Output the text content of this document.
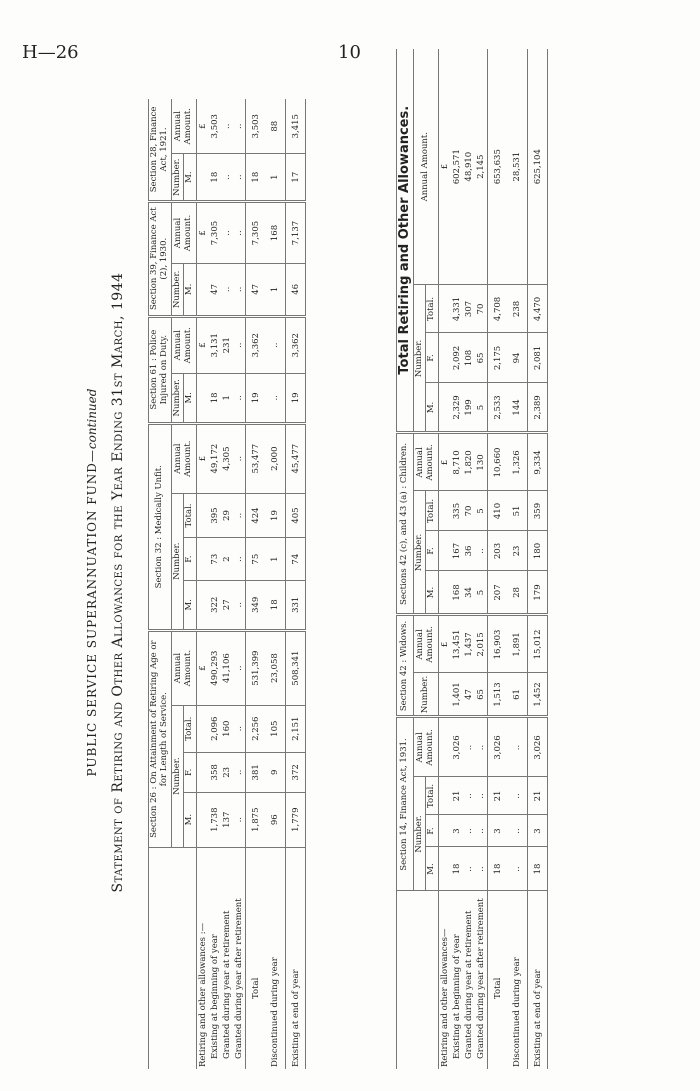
H—26	10
PUBLIC SERVICE SUPERANNUATION FUND—continued Statement of Retiring and Other Allowances for the Year Ending 31st March, 1944
		Section 26 : On Attainment of Retiring Age or for Length of Service.				Section 32 : Medically Unfit.				Section 61 : Police Injured on Duty.		Section 39, Finance Act (2), 1930.		Section 28, Finance Act, 1921.	
	Number.			Annual Amount.	Number.			Annual Amount.	Number.	Annual Amount.	Number.	Annual Amount.	Number.	Annual Amount.
	M.	F.	Total.		M.	F.	Total.		M.		M.		M.	
Retiring and other allowances :—				£				£		£		£		£
Existing at beginning of year	1,738	358	2,096	490,293	322	73	395	49,172	18	3,131	47	7,305	18	3,503
Granted during year at retirement	137	23	160	41,106	27	2	29	4,305	1	231	..	..	..	..
Granted during year after retirement	..	..	..	..	..	..	..	..	..	..	..	..	..	..
Total	1,875	381	2,256	531,399	349	75	424	53,477	19	3,362	47	7,305	18	3,503
Discontinued during year	96	9	105	23,058	18	1	19	2,000	..	..	1	168	1	88
Existing at end of year	1,779	372	2,151	508,341	331	74	405	45,477	19	3,362	46	7,137	17	3,415
	Section 14, Finance Act, 1931.				Section 42 : Widows.		Sections 42 (c), and 43 (a) : Children.				Total Retiring and Other Allowances.			

	Number.			Annual Amount.	Number.	Annual Amount.	Number.			Annual Amount.	Number.			Annual Amount.
	M.	F.	Total.				M.	F.	Total.		M.	F.	Total.	
Retiring and other allowances—						£				£				£
Existing at beginning of year	18	3	21	3,026	1,401	13,451	168	167	335	8,710	2,329	2,092	4,331	602,571
Granted during year at retirement	..	..	..	..	47	1,437	34	36	70	1,820	199	108	307	48,910
Granted during year after retirement	..	..	..	..	65	2,015	5	..	5	130	5	65	70	2,145
Total	18	3	21	3,026	1,513	16,903	207	203	410	10,660	2,533	2,175	4,708	653,635
Discontinued during year	..	..	..	..	61	1,891	28	23	51	1,326	144	94	238	28,531
Existing at end of year	18	3	21	3,026	1,452	15,012	179	180	359	9,334	2,389	2,081	4,470	625,104
